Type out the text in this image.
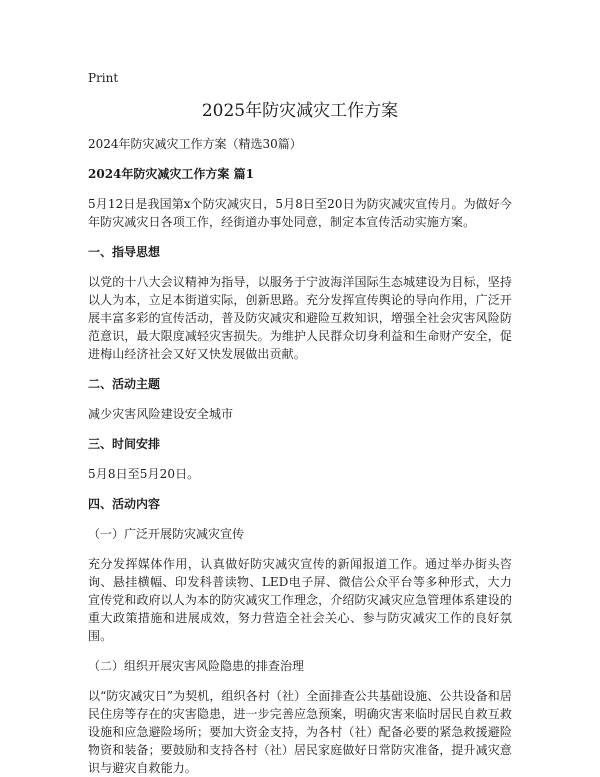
Print
2025年防灾减灾工作方案
2024年防灾减灾工作方案（精选30篇）
2024年防灾减灾工作方案 篇1

5月12日是我国第x个防灾减灾日，5月8日至20日为防灾减灾宣传月。为做好今年防灾减灾日各项工作，经街道办事处同意，制定本宣传活动实施方案。

一、指导思想

以党的十八大会议精神为指导，以服务于宁波海洋国际生态城建设为目标，坚持以人为本，立足本街道实际，创新思路。充分发挥宣传舆论的导向作用，广泛开展丰富多彩的宣传活动，普及防灾减灾和避险互救知识，增强全社会灾害风险防范意识，最大限度减轻灾害损失。为维护人民群众切身利益和生命财产安全，促进梅山经济社会又好又快发展做出贡献。

二、活动主题

减少灾害风险建设安全城市

三、时间安排

5月8日至5月20日。

四、活动内容
（一）广泛开展防灾减灾宣传

充分发挥媒体作用，认真做好防灾减灾宣传的新闻报道工作。通过举办街头咨询、悬挂横幅、印发科普读物、LED电子屏、微信公众平台等多种形式，大力宣传党和政府以人为本的防灾减灾工作理念，介绍防灾减灾应急管理体系建设的重大政策措施和进展成效，努力营造全社会关心、参与防灾减灾工作的良好氛围。

（二）组织开展灾害风险隐患的排查治理

以“防灾减灾日”为契机，组织各村（社）全面排查公共基础设施、公共设备和居民住房等存在的灾害隐患，进一步完善应急预案，明确灾害来临时居民自救互救设施和应急避险场所；要加大资金支持，为各村（社）配备必要的紧急救援避险物资和装备；要鼓励和支持各村（社）居民家庭做好日常防灾准备，提升减灾意识与避灾自救能力。
